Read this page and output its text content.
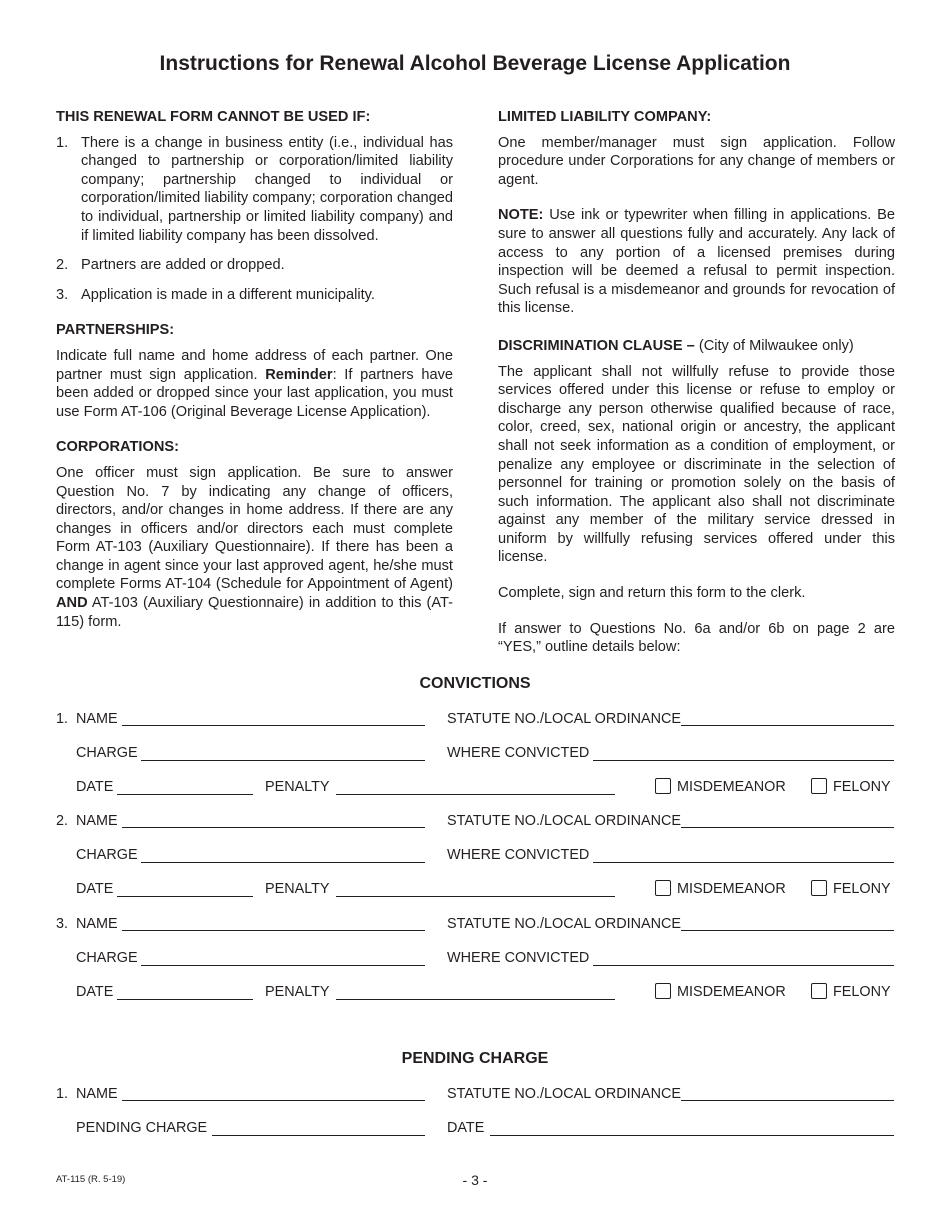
Instructions for Renewal Alcohol Beverage License Application
THIS RENEWAL FORM CANNOT BE USED IF:
1. There is a change in business entity (i.e., individual has changed to partnership or corporation/limited liability company; partnership changed to individual or corporation/limited liability company; corporation changed to individual, partnership or limited liability company) and if limited liability company has been dissolved.

2. Partners are added or dropped.

3. Application is made in a different municipality.

PARTNERSHIPS:

Indicate full name and home address of each partner. One partner must sign application. Reminder: If partners have been added or dropped since your last application, you must use Form AT-106 (Original Beverage License Application).

CORPORATIONS:

One officer must sign application. Be sure to answer Question No. 7 by indicating any change of officers, directors, and/or changes in home address. If there are any changes in officers and/or directors each must complete Form AT-103 (Auxiliary Questionnaire). If there has been a change in agent since your last approved agent, he/she must complete Forms AT-104 (Schedule for Appointment of Agent) AND AT-103 (Auxiliary Questionnaire) in addition to this (AT-115) form.

LIMITED LIABILITY COMPANY:

One member/manager must sign application. Follow procedure under Corporations for any change of members or agent.

NOTE: Use ink or typewriter when filling in applications. Be sure to answer all questions fully and accurately. Any lack of access to any portion of a licensed premises during inspection will be deemed a refusal to permit inspection. Such refusal is a misdemeanor and grounds for revocation of this license.

DISCRIMINATION CLAUSE – (City of Milwaukee only)

The applicant shall not willfully refuse to provide those services offered under this license or refuse to employ or discharge any person otherwise qualified because of race, color, creed, sex, national origin or ancestry, the applicant shall not seek information as a condition of employment, or penalize any employee or discriminate in the selection of personnel for training or promotion solely on the basis of such information. The applicant also shall not discriminate against any member of the military service dressed in uniform by willfully refusing services offered under this license.

Complete, sign and return this form to the clerk.

If answer to Questions No. 6a and/or 6b on page 2 are “YES,” outline details below:

CONVICTIONS
1. NAME	STATUTE NO./LOCAL ORDINANCE
CHARGE	WHERE CONVICTED
DATE	PENALTY	MISDEMEANOR	FELONY
2. NAME	STATUTE NO./LOCAL ORDINANCE
CHARGE	WHERE CONVICTED
DATE	PENALTY	MISDEMEANOR	FELONY
3. NAME	STATUTE NO./LOCAL ORDINANCE
CHARGE	WHERE CONVICTED
DATE	PENALTY	MISDEMEANOR	FELONY
PENDING CHARGE
1. NAME	STATUTE NO./LOCAL ORDINANCE
PENDING CHARGE	DATE
AT-115 (R. 5-19)	- 3 -
